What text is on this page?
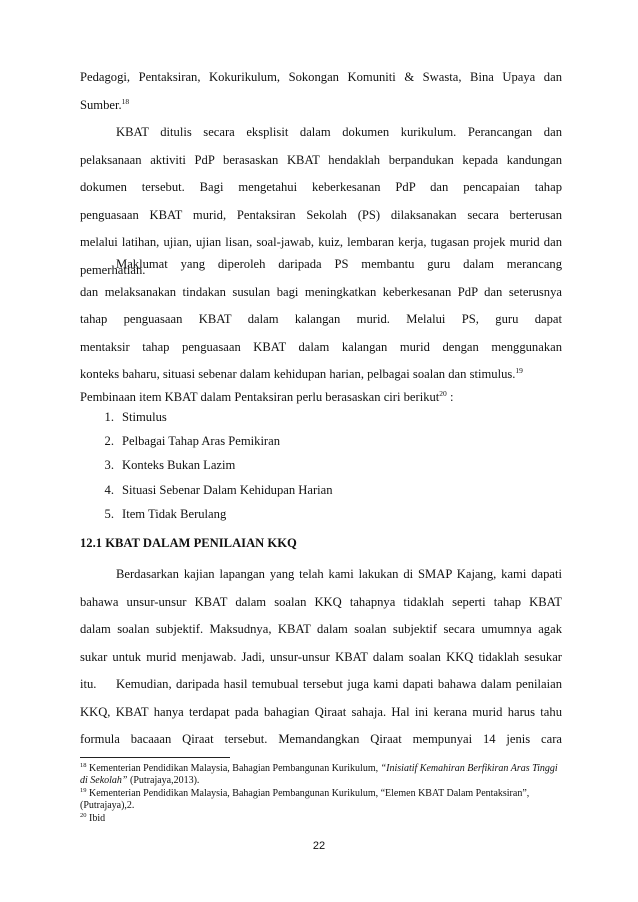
Pedagogi, Pentaksiran, Kokurikulum, Sokongan Komuniti & Swasta, Bina Upaya dan
Sumber.$^{18}$
KBAT ditulis secara eksplisit dalam dokumen kurikulum. Perancangan dan
pelaksanaan aktiviti PdP berasaskan KBAT hendaklah berpandukan kepada kandungan
dokumen tersebut. Bagi mengetahui keberkesanan PdP dan pencapaian tahap
penguasaan KBAT murid, Pentaksiran Sekolah (PS) dilaksanakan secara berterusan
melalui latihan, ujian, ujian lisan, soal-jawab, kuiz, lembaran kerja, tugasan projek murid dan
pemerhatian.
Maklumat yang diperoleh daripada PS membantu guru dalam merancang
dan melaksanakan tindakan susulan bagi meningkatkan keberkesanan PdP dan seterusnya
tahap penguasaan KBAT dalam kalangan murid. Melalui PS, guru dapat
mentaksir tahap penguasaan KBAT dalam kalangan murid dengan menggunakan
konteks baharu, situasi sebenar dalam kehidupan harian, pelbagai soalan dan stimulus.$^{19}$
Pembinaan item KBAT dalam Pentaksiran perlu berasaskan ciri berikut$^{20}$ :
1. Stimulus
2. Pelbagai Tahap Aras Pemikiran
3. Konteks Bukan Lazim
4. Situasi Sebenar Dalam Kehidupan Harian
5. Item Tidak Berulang
12.1 KBAT DALAM PENILAIAN KKQ
Berdasarkan kajian lapangan yang telah kami lakukan di SMAP Kajang, kami dapati
bahawa unsur-unsur KBAT dalam soalan KKQ tahapnya tidaklah seperti tahap KBAT
dalam soalan subjektif. Maksudnya, KBAT dalam soalan subjektif secara umumnya agak
sukar untuk murid menjawab. Jadi, unsur-unsur KBAT dalam soalan KKQ tidaklah sesukar
itu.	Kemudian, daripada hasil temubual tersebut juga kami dapati bahawa dalam penilaian
KKQ, KBAT hanya terdapat pada bahagian Qiraat sahaja. Hal ini kerana murid harus tahu
formula bacaaan Qiraat tersebut. Memandangkan Qiraat mempunyai 14 jenis cara
$^{18}$ Kementerian Pendidikan Malaysia, Bahagian Pembangunan Kurikulum, “Inisiatif Kemahiran Berfikiran Aras Tinggi di Sekolah” (Putrajaya,2013).
$^{19}$ Kementerian Pendidikan Malaysia, Bahagian Pembangunan Kurikulum, “Elemen KBAT Dalam Pentaksiran”, (Putrajaya),2.
$^{20}$ Ibid
22
